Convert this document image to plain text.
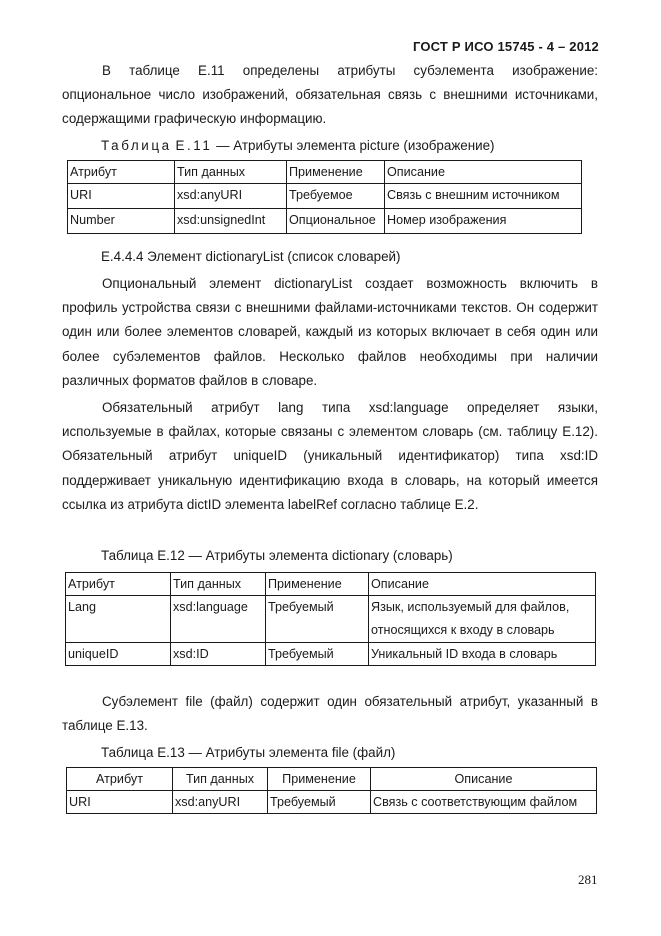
ГОСТ Р ИСО 15745 - 4 – 2012

В таблице Е.11 определены атрибуты субэлемента изображение: опциональное число изображений, обязательная связь с внешними источниками, содержащими графическую информацию.

Таблица Е.11 — Атрибуты элемента picture (изображение)
Атрибут	Тип данных	Применение	Описание
URI	xsd:anyURI	Требуемое	Связь с внешним источником
Number	xsd:unsignedInt	Опциональное	Номер изображения
Е.4.4.4 Элемент dictionaryList (список словарей)

Опциональный элемент dictionaryList создает возможность включить в профиль устройства связи с внешними файлами-источниками текстов. Он содержит один или более элементов словарей, каждый из которых включает в себя один или более субэлементов файлов. Несколько файлов необходимы при наличии различных форматов файлов в словаре.

Обязательный атрибут lang типа xsd:language определяет языки, используемые в файлах, которые связаны с элементом словарь (см. таблицу Е.12). Обязательный атрибут uniqueID (уникальный идентификатор) типа xsd:ID поддерживает уникальную идентификацию входа в словарь, на который имеется ссылка из атрибута dictID элемента labelRef согласно таблице Е.2.

Таблица Е.12 — Атрибуты элемента dictionary (словарь)
Атрибут	Тип данных	Применение	Описание
Lang	xsd:language	Требуемый	Язык, используемый для файлов, относящихся к входу в словарь
uniqueID	xsd:ID	Требуемый	Уникальный ID входа в словарь

Субэлемент file (файл) содержит один обязательный атрибут, указанный в таблице Е.13.

Таблица Е.13 — Атрибуты элемента file (файл)
Атрибут	Тип данных	Применение	Описание
URI	xsd:anyURI	Требуемый	Связь с соответствующим файлом
281
